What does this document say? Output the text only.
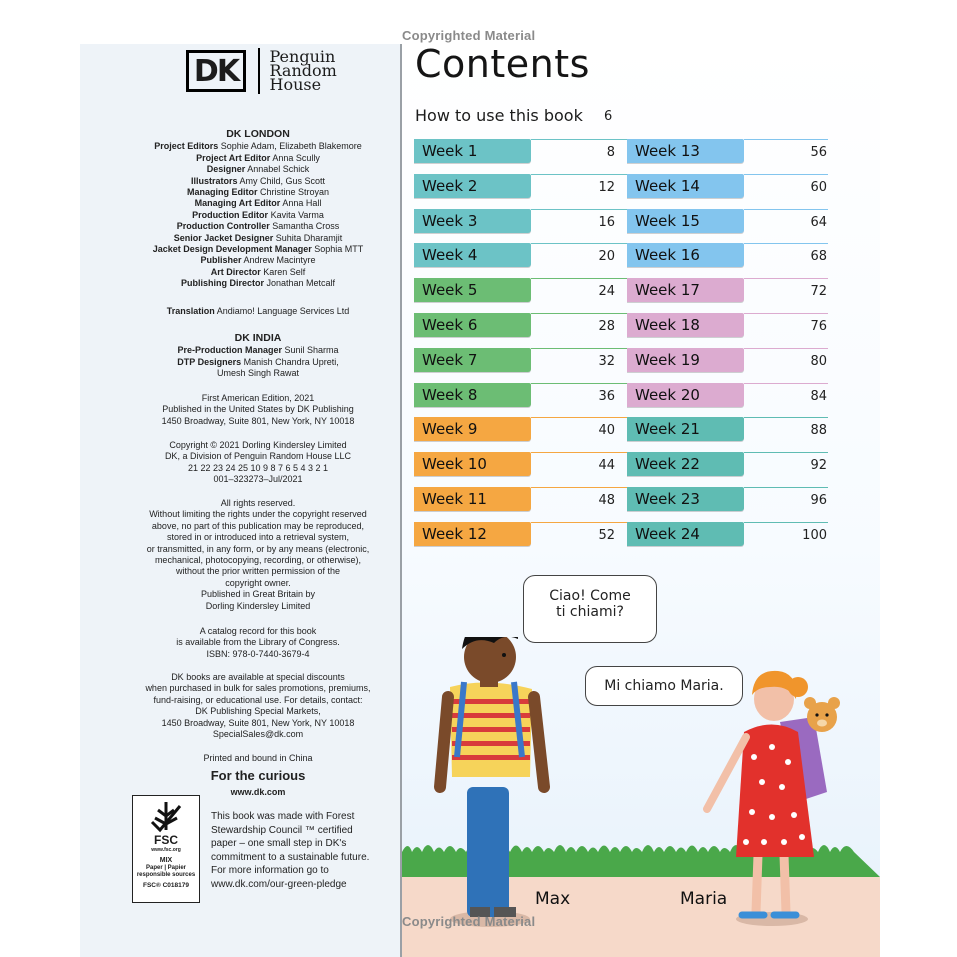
Copyrighted Material
DK	Penguin
Random
House
DK LONDON
Project Editors Sophie Adam, Elizabeth Blakemore
Project Art Editor Anna Scully
Designer Annabel Schick
Illustrators Amy Child, Gus Scott
Managing Editor Christine Stroyan
Managing Art Editor Anna Hall
Production Editor Kavita Varma
Production Controller Samantha Cross
Senior Jacket Designer Suhita Dharamjit
Jacket Design Development Manager Sophia MTT
Publisher Andrew Macintyre
Art Director Karen Self
Publishing Director Jonathan Metcalf
Translation Andiamo! Language Services Ltd
DK INDIA
Pre-Production Manager Sunil Sharma
DTP Designers Manish Chandra Upreti,
Umesh Singh Rawat
First American Edition, 2021
Published in the United States by DK Publishing
1450 Broadway, Suite 801, New York, NY 10018
Copyright © 2021 Dorling Kindersley Limited
DK, a Division of Penguin Random House LLC
21 22 23 24 25 10 9 8 7 6 5 4 3 2 1
001–323273–Jul/2021
All rights reserved.
Without limiting the rights under the copyright reserved
above, no part of this publication may be reproduced,
stored in or introduced into a retrieval system,
or transmitted, in any form, or by any means (electronic,
mechanical, photocopying, recording, or otherwise),
without the prior written permission of the
copyright owner.
Published in Great Britain by
Dorling Kindersley Limited
A catalog record for this book
is available from the Library of Congress.
ISBN: 978-0-7440-3679-4
DK books are available at special discounts
when purchased in bulk for sales promotions, premiums,
fund-raising, or educational use. For details, contact:
DK Publishing Special Markets,
1450 Broadway, Suite 801, New York, NY 10018
SpecialSales@dk.com
Printed and bound in China
For the curious
www.dk.com
FSC
www.fsc.org
MIX
Paper | Papier
responsible sources
FSC® C018179
This book was made with Forest
Stewardship Council ™ certified
paper – one small step in DK's
commitment to a sustainable future.
For more information go to
www.dk.com/our-green-pledge
Contents
How to use this book 6
Week 1	8
Week 2	12
Week 3	16
Week 4	20
Week 5	24
Week 6	28
Week 7	32
Week 8	36
Week 9	40
Week 10	44
Week 11	48
Week 12	52
Week 13	56
Week 14	60
Week 15	64
Week 16	68
Week 17	72
Week 18	76
Week 19	80
Week 20	84
Week 21	88
Week 22	92
Week 23	96
Week 24	100
Ciao! Come
ti chiami?
Mi chiamo Maria.
Max	Maria
Copyrighted Material
